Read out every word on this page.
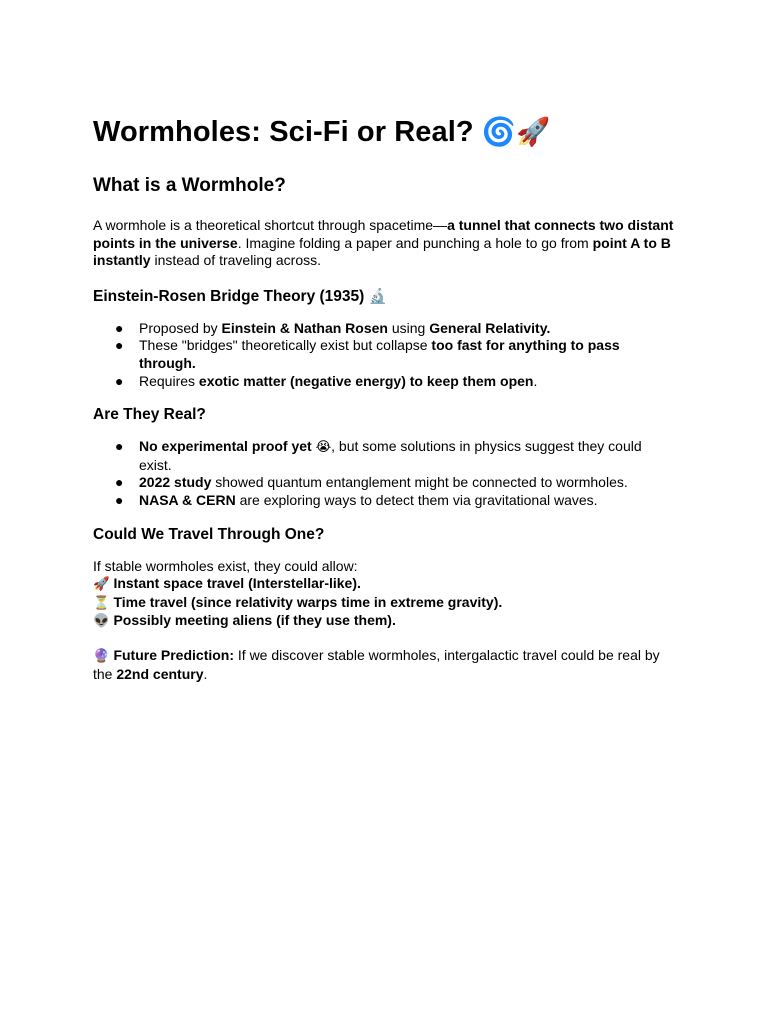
Wormholes: Sci-Fi or Real? 🌀🚀
What is a Wormhole?

A wormhole is a theoretical shortcut through spacetime—a tunnel that connects two distant points in the universe. Imagine folding a paper and punching a hole to go from point A to B instantly instead of traveling across.

Einstein-Rosen Bridge Theory (1935) 🔬
● Proposed by Einstein & Nathan Rosen using General Relativity.
● These "bridges" theoretically exist but collapse too fast for anything to pass through.
● Requires exotic matter (negative energy) to keep them open.
Are They Real?
● No experimental proof yet 😭, but some solutions in physics suggest they could exist.
● 2022 study showed quantum entanglement might be connected to wormholes.
● NASA & CERN are exploring ways to detect them via gravitational waves.
Could We Travel Through One?
If stable wormholes exist, they could allow:
🚀 Instant space travel (Interstellar-like).
⏳ Time travel (since relativity warps time in extreme gravity).
👽 Possibly meeting aliens (if they use them).

🔮 Future Prediction: If we discover stable wormholes, intergalactic travel could be real by the 22nd century.
